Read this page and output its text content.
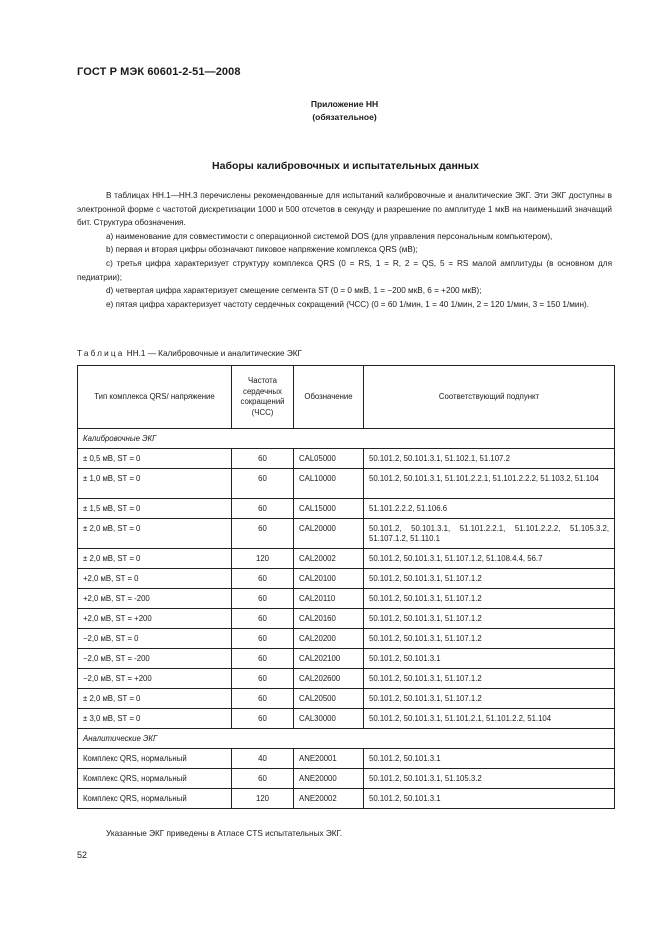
ГОСТ Р МЭК 60601-2-51—2008
Приложение НН
(обязательное)
Наборы калибровочных и испытательных данных

В таблицах НН.1—НН.3 перечислены рекомендованные для испытаний калибровочные и аналитические ЭКГ. Эти ЭКГ доступны в электронной форме с частотой дискретизации 1000 и 500 отсчетов в секунду и разрешение по амплитуде 1 мкВ на наименьший значащий бит. Структура обозначения.

a) наименование для совместимости с операционной системой DOS (для управления персональным компьютером),

b) первая и вторая цифры обозначают пиковое напряжение комплекса QRS (мВ);

c) третья цифра характеризует структуру комплекса QRS (0 = RS, 1 = R, 2 = QS, 5 = RS малой амплитуды (в основном для педиатрии);

d) четвертая цифра характеризует смещение сегмента ST (0 = 0 мкВ, 1 = −200 мкВ, 6 = +200 мкВ);

e) пятая цифра характеризует частоту сердечных сокращений (ЧСС) (0 = 60 1/мин, 1 = 40 1/мин, 2 = 120 1/мин, 3 = 150 1/мин).

Таблица НН.1 — Калибровочные и аналитические ЭКГ
Тип комплекса QRS/ напряжение	Частота сердечных сокращений (ЧСС)	Обозначение	Соответствующий подпункт
Калибровочные ЭКГ			
± 0,5 мВ, ST = 0	60	CAL05000	50.101.2, 50.101.3.1, 51.102.1, 51.107.2
± 1,0 мВ, ST = 0	60	CAL10000	50.101.2, 50.101.3.1, 51.101.2.2.1, 51.101.2.2.2, 51.103.2, 51.104
± 1,5 мВ, ST = 0	60	CAL15000	51.101.2.2.2, 51.106.6
± 2,0 мВ, ST = 0	60	CAL20000	50.101.2, 50.101.3.1, 51.101.2.2.1, 51.101.2.2.2, 51.105.3.2, 51.107.1.2, 51.110.1
± 2,0 мВ, ST = 0	120	CAL20002	50.101.2, 50.101.3.1, 51.107.1.2, 51.108.4.4, 56.7
+2,0 мВ, ST = 0	60	CAL20100	50.101.2, 50.101.3.1, 51.107.1.2
+2,0 мВ, ST = -200	60	CAL20110	50.101.2, 50.101.3.1, 51.107.1.2
+2,0 мВ, ST = +200	60	CAL20160	50.101.2, 50.101.3.1, 51.107.1.2
−2,0 мВ, ST = 0	60	CAL20200	50.101.2, 50.101.3.1, 51.107.1.2
−2,0 мВ, ST = -200	60	CAL202100	50.101.2, 50.101.3.1
−2,0 мВ, ST = +200	60	CAL202600	50.101.2, 50.101.3.1, 51.107.1.2
± 2,0 мВ, ST = 0	60	CAL20500	50.101.2, 50.101.3.1, 51.107.1.2
± 3,0 мВ, ST = 0	60	CAL30000	50.101.2, 50.101.3.1, 51.101.2.1, 51.101.2.2, 51.104
Аналитические ЭКГ			
Комплекс QRS, нормальный	40	ANE20001	50.101.2, 50.101.3.1
Комплекс QRS, нормальный	60	ANE20000	50.101.2, 50.101.3.1, 51.105.3.2
Комплекс QRS, нормальный	120	ANE20002	50.101.2, 50.101.3.1
Указанные ЭКГ приведены в Атласе CTS испытательных ЭКГ.
52
